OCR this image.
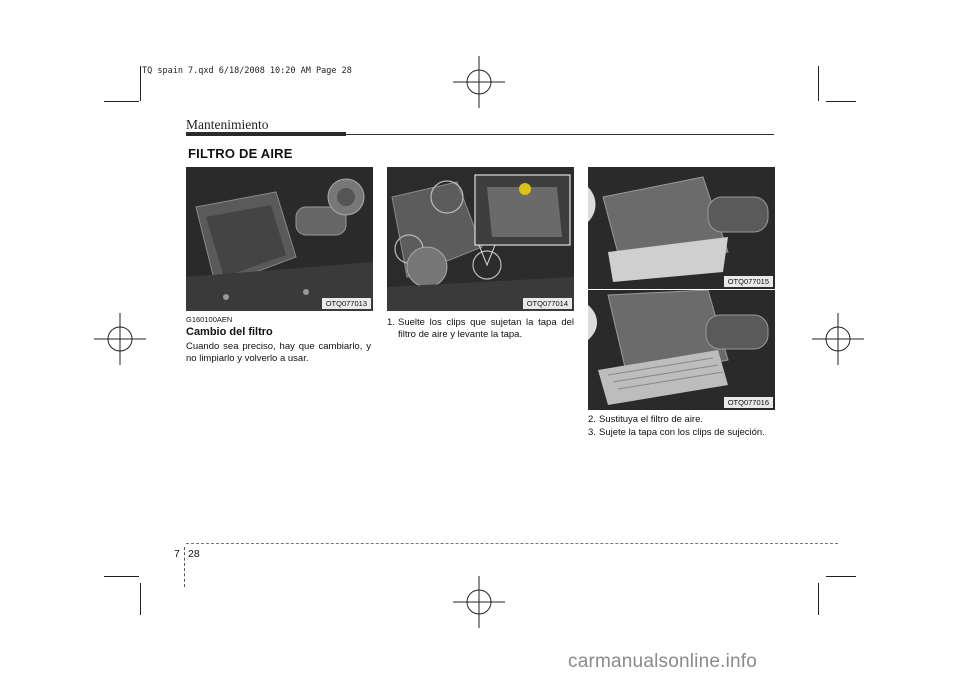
TQ spain 7.qxd 6/18/2008 10:20 AM Page 28
Mantenimiento
FILTRO DE AIRE
OTQ077013	OTQ077014
OTQ077015
OTQ077016
G160100AEN
Cambio del filtro
Cuando sea preciso, hay que cambiarlo, y no limpiarlo y volverlo a usar.
1. Suelte los clips que sujetan la tapa del filtro de aire y levante la tapa.
2. Sustituya el filtro de aire.
3. Sujete la tapa con los clips de sujeción.
7 28
carmanualsonline.info
